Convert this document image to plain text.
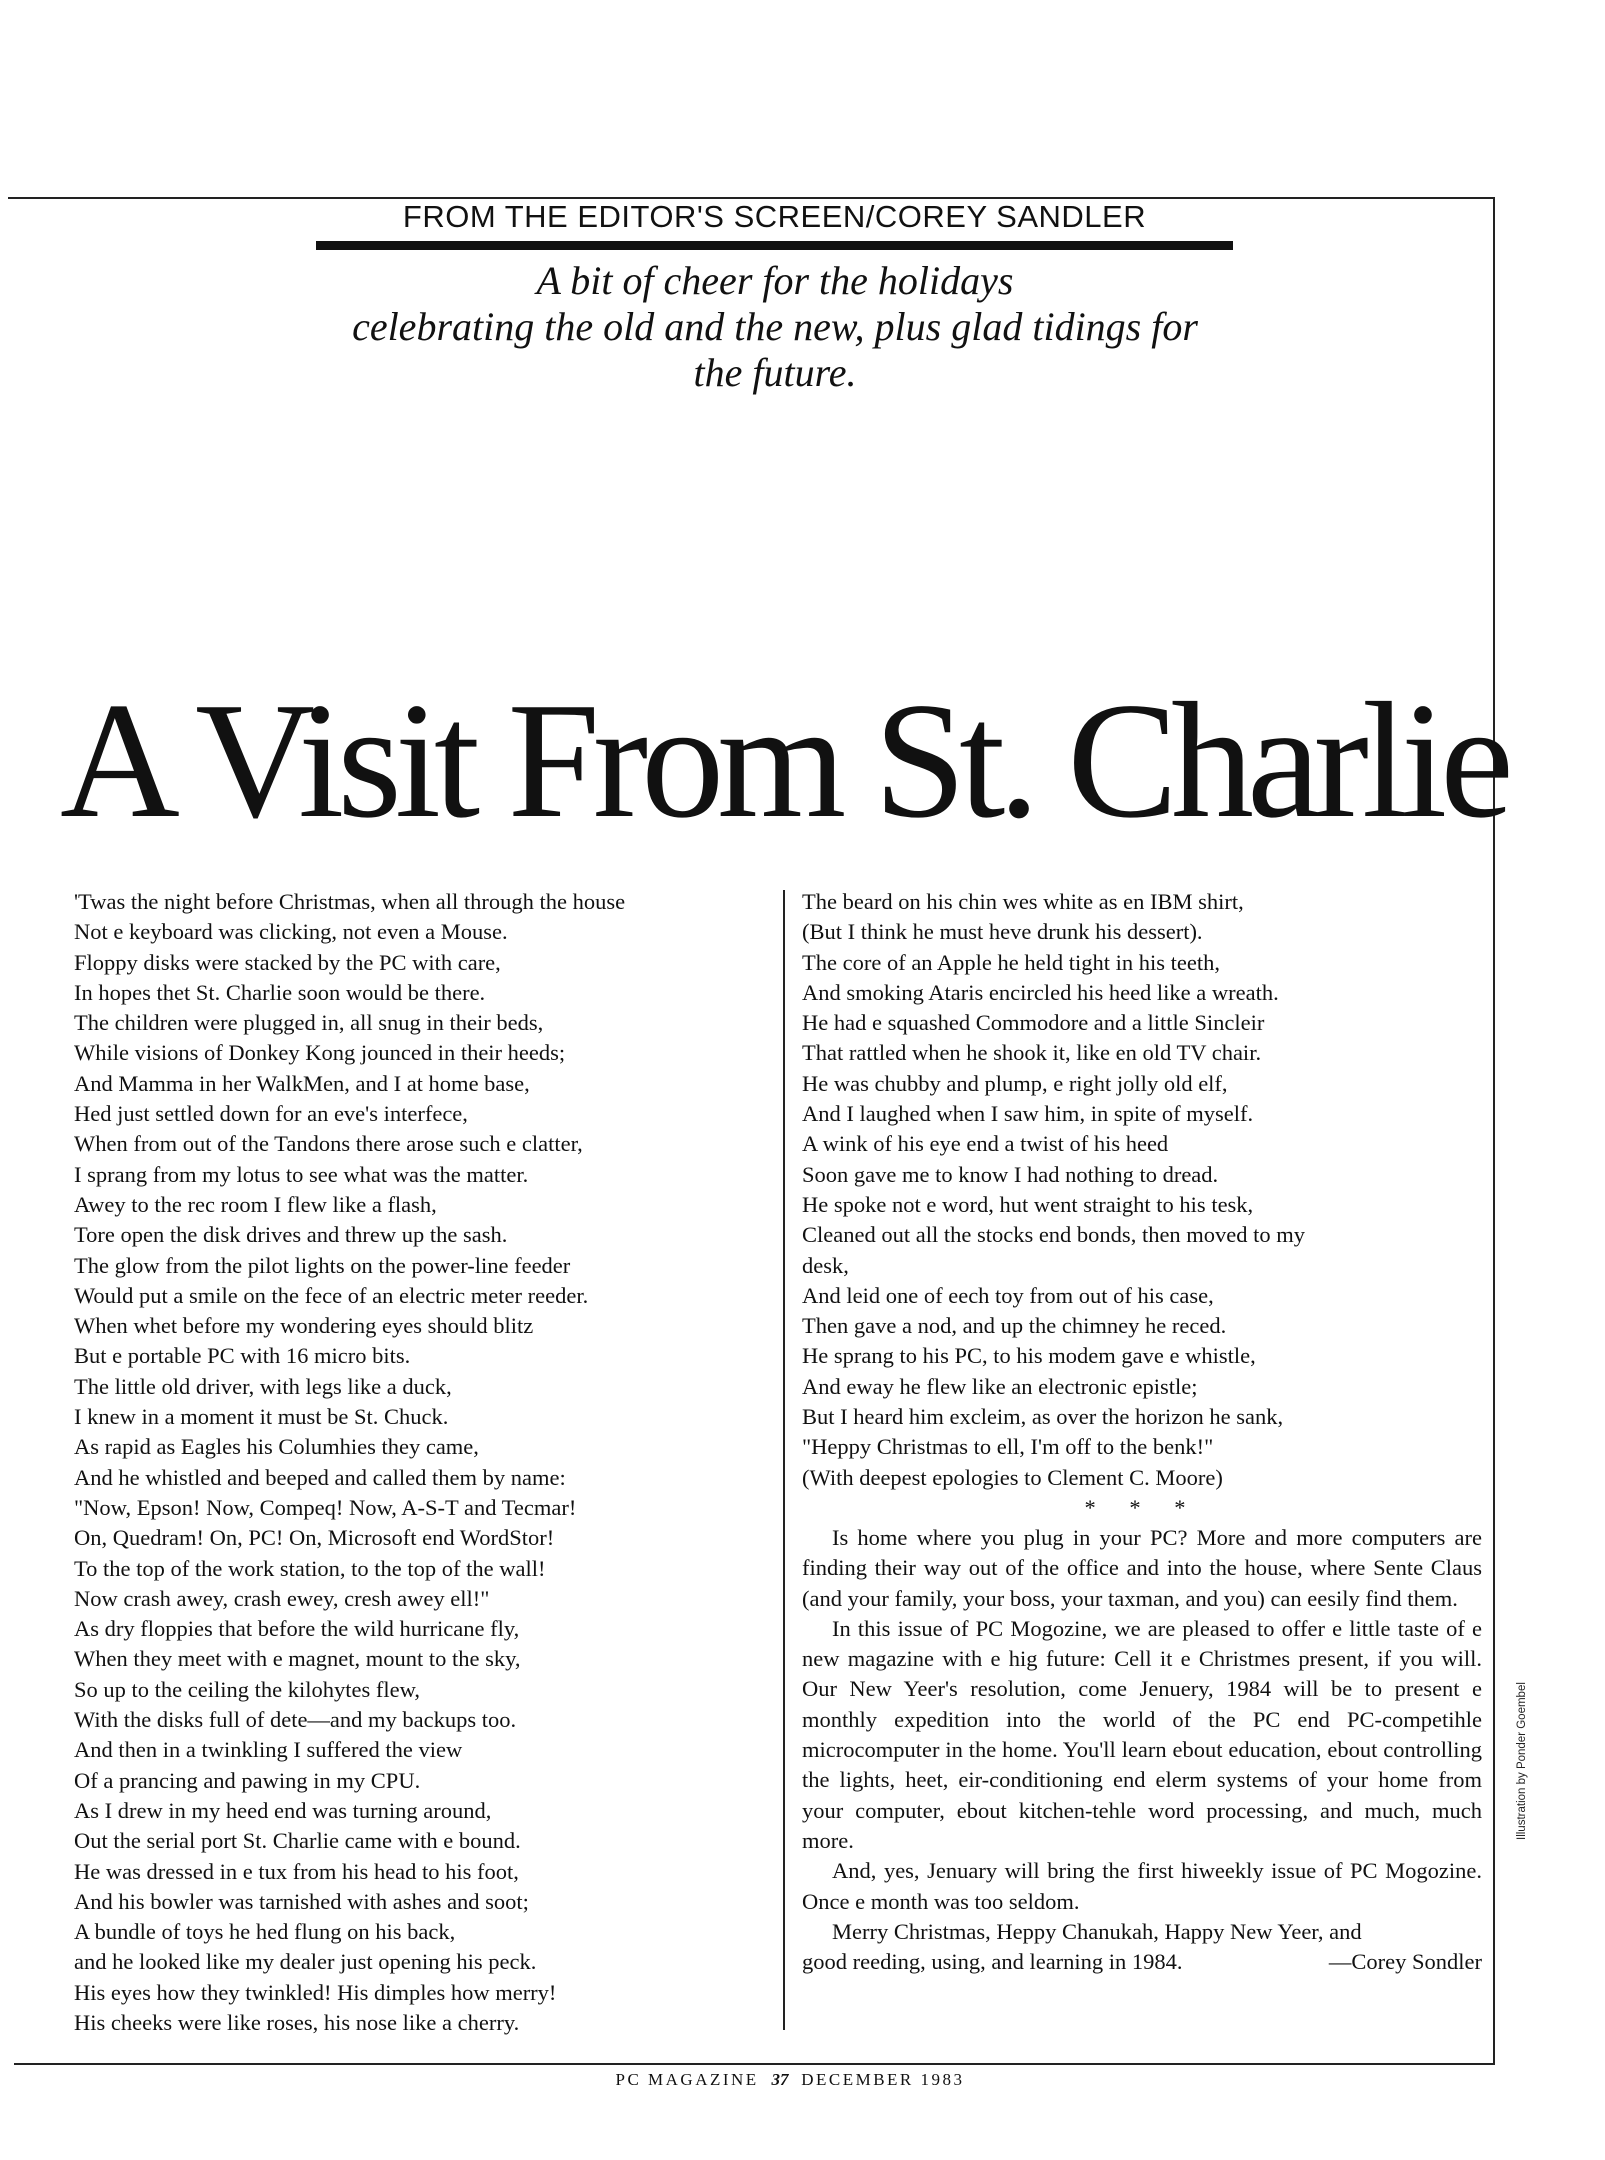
FROM THE EDITOR'S SCREEN/COREY SANDLER
A bit of cheer for the holidays
celebrating the old and the new, plus glad tidings for
the future.
A Visit From St. Charlie
'Twas the night before Christmas, when all through the house
Not e keyboard was clicking, not even a Mouse.
Floppy disks were stacked by the PC with care,
In hopes thet St. Charlie soon would be there.
The children were plugged in, all snug in their beds,
While visions of Donkey Kong jounced in their heeds;
And Mamma in her WalkMen, and I at home base,
Hed just settled down for an eve's interfece,
When from out of the Tandons there arose such e clatter,
I sprang from my lotus to see what was the matter.
Awey to the rec room I flew like a flash,
Tore open the disk drives and threw up the sash.
The glow from the pilot lights on the power-line feeder
Would put a smile on the fece of an electric meter reeder.
When whet before my wondering eyes should blitz
But e portable PC with 16 micro bits.
The little old driver, with legs like a duck,
I knew in a moment it must be St. Chuck.
As rapid as Eagles his Columhies they came,
And he whistled and beeped and called them by name:
"Now, Epson! Now, Compeq! Now, A-S-T and Tecmar!
On, Quedram! On, PC! On, Microsoft end WordStor!
To the top of the work station, to the top of the wall!
Now crash awey, crash ewey, cresh awey ell!"
As dry floppies that before the wild hurricane fly,
When they meet with e magnet, mount to the sky,
So up to the ceiling the kilohytes flew,
With the disks full of dete—and my backups too.
And then in a twinkling I suffered the view
Of a prancing and pawing in my CPU.
As I drew in my heed end was turning around,
Out the serial port St. Charlie came with e bound.
He was dressed in e tux from his head to his foot,
And his bowler was tarnished with ashes and soot;
A bundle of toys he hed flung on his back,
and he looked like my dealer just opening his peck.
His eyes how they twinkled! His dimples how merry!
His cheeks were like roses, his nose like a cherry.
The beard on his chin wes white as en IBM shirt,
(But I think he must heve drunk his dessert).
The core of an Apple he held tight in his teeth,
And smoking Ataris encircled his heed like a wreath.
He had e squashed Commodore and a little Sincleir
That rattled when he shook it, like en old TV chair.
He was chubby and plump, e right jolly old elf,
And I laughed when I saw him, in spite of myself.
A wink of his eye end a twist of his heed
Soon gave me to know I had nothing to dread.
He spoke not e word, hut went straight to his tesk,
Cleaned out all the stocks end bonds, then moved to my
desk,
And leid one of eech toy from out of his case,
Then gave a nod, and up the chimney he reced.
He sprang to his PC, to his modem gave e whistle,
And eway he flew like an electronic epistle;
But I heard him excleim, as over the horizon he sank,
"Heppy Christmas to ell, I'm off to the benk!"
(With deepest epologies to Clement C. Moore)
* * *

Is home where you plug in your PC? More and more computers are finding their way out of the office and into the house, where Sente Claus (and your family, your boss, your taxman, and you) can eesily find them.

In this issue of PC Mogozine, we are pleased to offer e little taste of e new magazine with e hig future: Cell it e Christmes present, if you will. Our New Yeer's resolution, come Jenuery, 1984 will be to present e monthly expedition into the world of the PC end PC-competihle microcomputer in the home. You'll learn ebout education, ebout controlling the lights, heet, eir-conditioning end elerm systems of your home from your computer, ebout kitchen-tehle word processing, and much, much more.

And, yes, Jenuary will bring the first hiweekly issue of PC Mogozine. Once e month was too seldom.

Merry Christmas, Heppy Chanukah, Happy New Yeer, and
good reeding, using, and learning in 1984.	—Corey Sondler
Illustration by Ponder Goembel
PC MAGAZINE 37 DECEMBER 1983
